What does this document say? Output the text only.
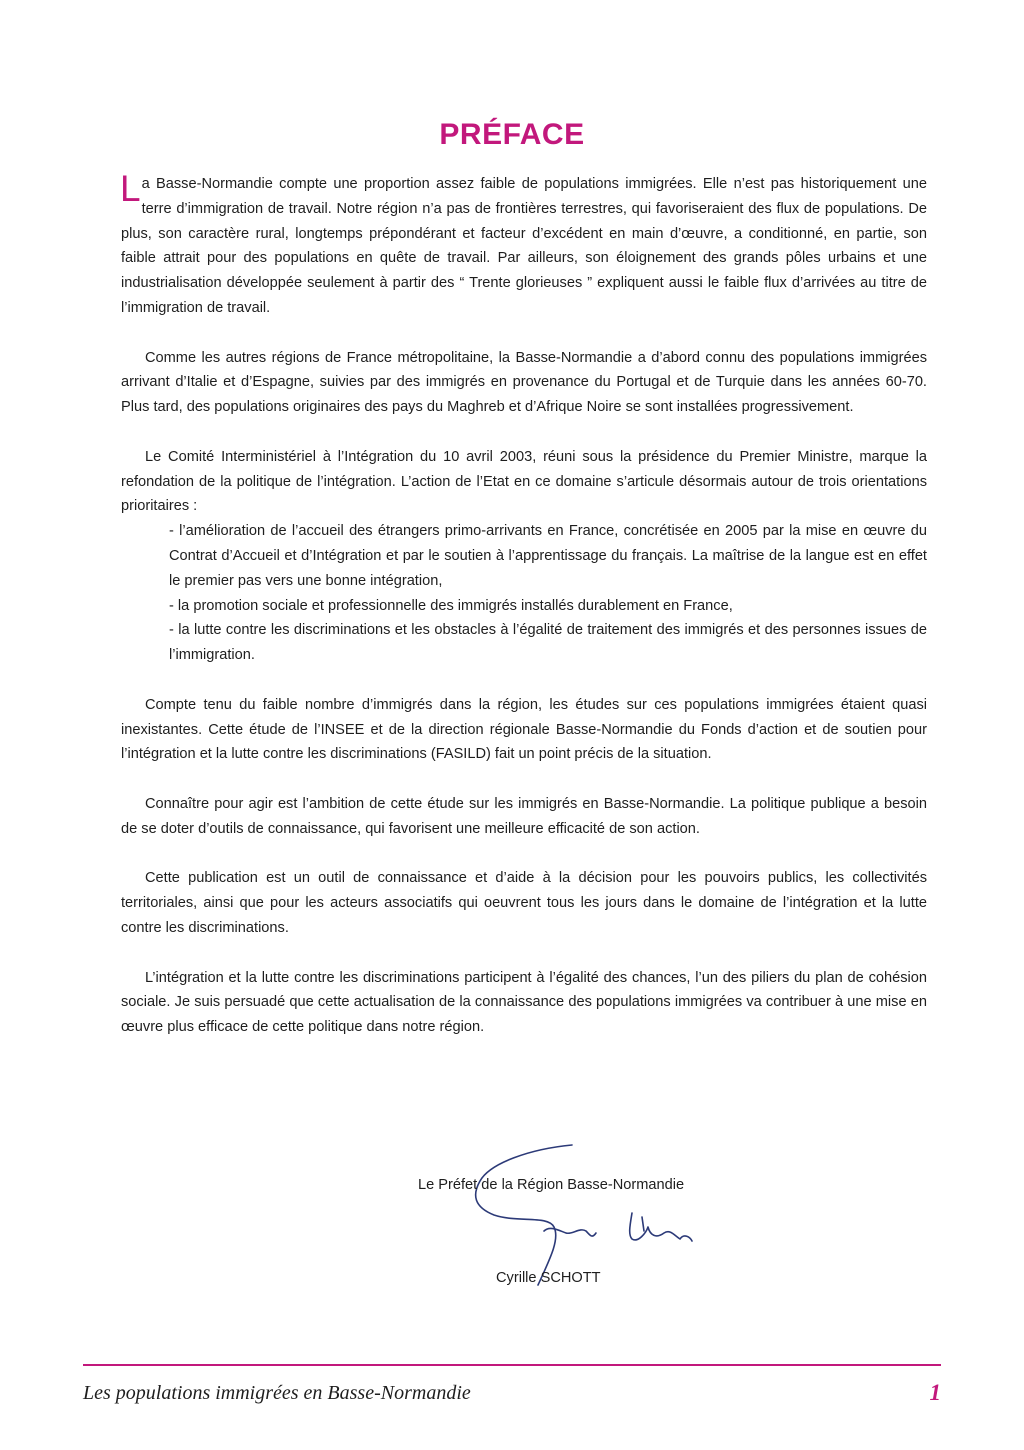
PRÉFACE

La Basse-Normandie compte une proportion assez faible de populations immigrées. Elle n’est pas historiquement une terre d’immigration de travail. Notre région n’a pas de frontières terrestres, qui favoriseraient des flux de populations. De plus, son caractère rural, longtemps prépondérant et facteur d’excédent en main d’œuvre, a conditionné, en partie, son faible attrait pour des populations en quête de travail. Par ailleurs, son éloignement des grands pôles urbains et une industrialisation développée seulement à partir des “ Trente glorieuses ” expliquent aussi le faible flux d’arrivées au titre de l’immigration de travail.

Comme les autres régions de France métropolitaine, la Basse-Normandie a d’abord connu des populations immigrées arrivant d’Italie et d’Espagne, suivies par des immigrés en provenance du Portugal et de Turquie dans les années 60-70. Plus tard, des populations originaires des pays du Maghreb et d’Afrique Noire se sont installées progressivement.

Le Comité Interministériel à l’Intégration du 10 avril 2003, réuni sous la présidence du Premier Ministre, marque la refondation de la politique de l’intégration. L’action de l’Etat en ce domaine s’articule désormais autour de trois orientations prioritaires :

- l’amélioration de l’accueil des étrangers primo-arrivants en France, concrétisée en 2005 par la mise en œuvre du Contrat d’Accueil et d’Intégration et par le soutien à l’apprentissage du français. La maîtrise de la langue est en effet le premier pas vers une bonne intégration,
- la promotion sociale et professionnelle des immigrés installés durablement en France,
- la lutte contre les discriminations et les obstacles à l’égalité de traitement des immigrés et des personnes issues de l’immigration.

Compte tenu du faible nombre d’immigrés dans la région, les études sur ces populations immigrées étaient quasi inexistantes. Cette étude de l’INSEE et de la direction régionale Basse-Normandie du Fonds d’action et de soutien pour l’intégration et la lutte contre les discriminations (FASILD) fait un point précis de la situation.

Connaître pour agir est l’ambition de cette étude sur les immigrés en Basse-Normandie. La politique publique a besoin de se doter d’outils de connaissance, qui favorisent une meilleure efficacité de son action.

Cette publication est un outil de connaissance et d’aide à la décision pour les pouvoirs publics, les collectivités territoriales, ainsi que pour les acteurs associatifs qui oeuvrent tous les jours dans le domaine de l’intégration et la lutte contre les discriminations.

L’intégration et la lutte contre les discriminations participent à l’égalité des chances, l’un des piliers du plan de cohésion sociale. Je suis persuadé que cette actualisation de la connaissance des populations immigrées va contribuer à une mise en œuvre plus efficace de cette politique dans notre région.

Le Préfet de la Région Basse-Normandie
Cyrille SCHOTT
Les populations immigrées en Basse-Normandie	1
